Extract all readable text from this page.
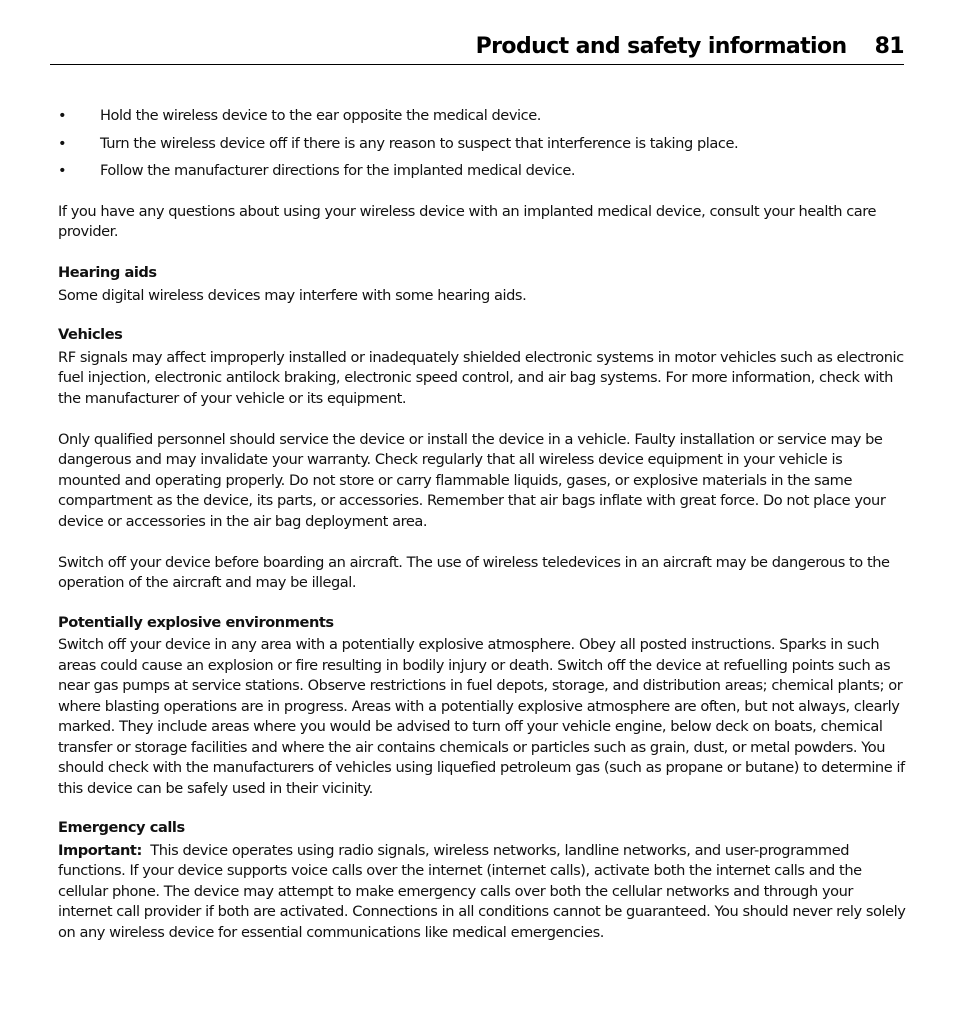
Product and safety information 81
• Hold the wireless device to the ear opposite the medical device.
• Turn the wireless device off if there is any reason to suspect that interference is taking place.
• Follow the manufacturer directions for the implanted medical device.

If you have any questions about using your wireless device with an implanted medical device, consult your health care provider.

Hearing aids

Some digital wireless devices may interfere with some hearing aids.

Vehicles

RF signals may affect improperly installed or inadequately shielded electronic systems in motor vehicles such as electronic fuel injection, electronic antilock braking, electronic speed control, and air bag systems. For more information, check with the manufacturer of your vehicle or its equipment.

Only qualified personnel should service the device or install the device in a vehicle. Faulty installation or service may be dangerous and may invalidate your warranty. Check regularly that all wireless device equipment in your vehicle is mounted and operating properly. Do not store or carry flammable liquids, gases, or explosive materials in the same compartment as the device, its parts, or accessories. Remember that air bags inflate with great force. Do not place your device or accessories in the air bag deployment area.

Switch off your device before boarding an aircraft. The use of wireless teledevices in an aircraft may be dangerous to the operation of the aircraft and may be illegal.

Potentially explosive environments

Switch off your device in any area with a potentially explosive atmosphere. Obey all posted instructions. Sparks in such areas could cause an explosion or fire resulting in bodily injury or death. Switch off the device at refuelling points such as near gas pumps at service stations. Observe restrictions in fuel depots, storage, and distribution areas; chemical plants; or where blasting operations are in progress. Areas with a potentially explosive atmosphere are often, but not always, clearly marked. They include areas where you would be advised to turn off your vehicle engine, below deck on boats, chemical transfer or storage facilities and where the air contains chemicals or particles such as grain, dust, or metal powders. You should check with the manufacturers of vehicles using liquefied petroleum gas (such as propane or butane) to determine if this device can be safely used in their vicinity.

Emergency calls

Important: This device operates using radio signals, wireless networks, landline networks, and user-programmed functions. If your device supports voice calls over the internet (internet calls), activate both the internet calls and the cellular phone. The device may attempt to make emergency calls over both the cellular networks and through your internet call provider if both are activated. Connections in all conditions cannot be guaranteed. You should never rely solely on any wireless device for essential communications like medical emergencies.
